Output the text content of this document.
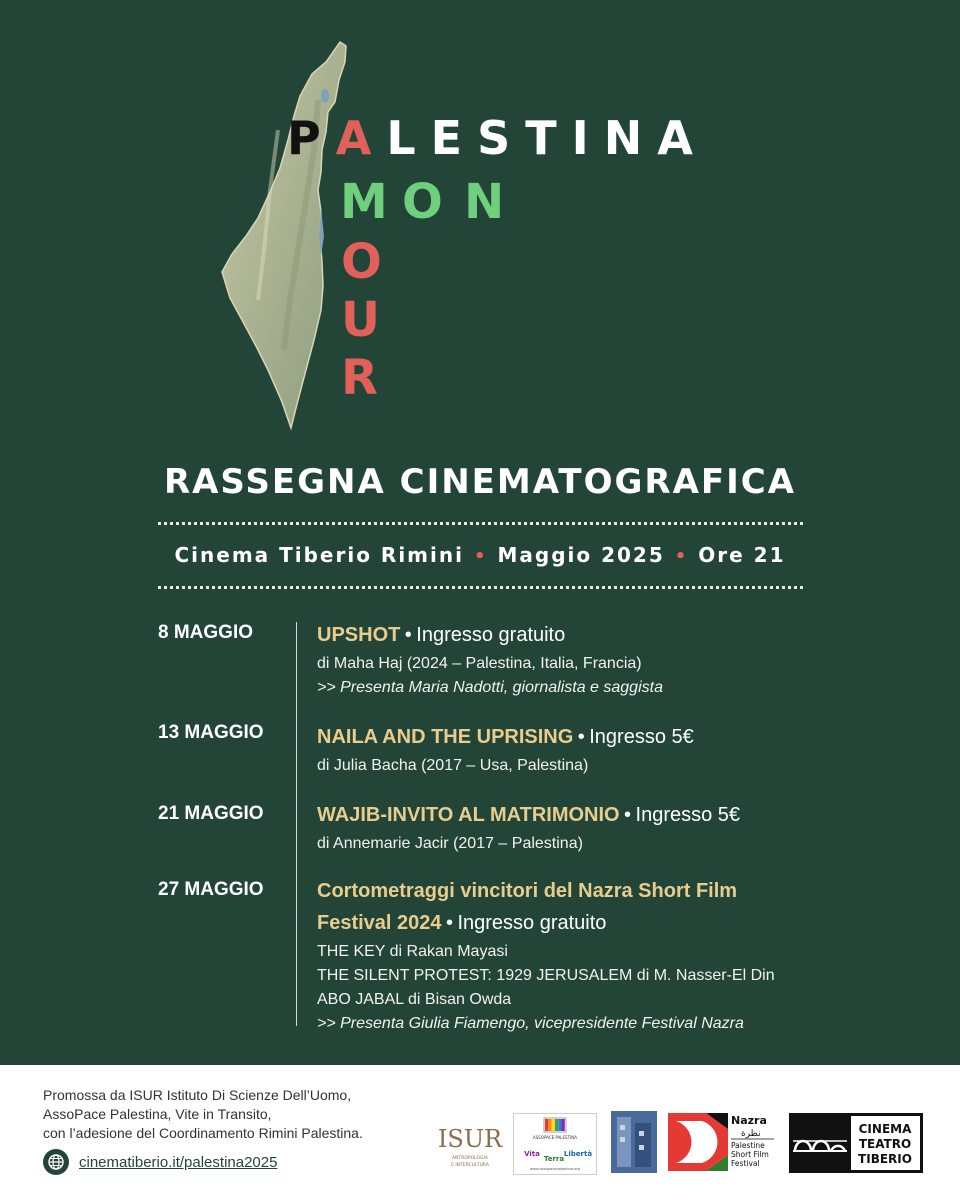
P A L E S T I N A
M O N
O
U
R
RASSEGNA CINEMATOGRAFICA
Cinema Tiberio Rimini • Maggio 2025 • Ore 21
8 MAGGIO	UPSHOT • Ingresso gratuito
di Maha Haj (2024 – Palestina, Italia, Francia)
>> Presenta Maria Nadotti, giornalista e saggista
13 MAGGIO	NAILA AND THE UPRISING • Ingresso 5€
di Julia Bacha (2017 – Usa, Palestina)
21 MAGGIO	WAJIB-INVITO AL MATRIMONIO • Ingresso 5€
di Annemarie Jacir (2017 – Palestina)
27 MAGGIO	Cortometraggi vincitori del Nazra Short Film
Festival 2024 • Ingresso gratuito
THE KEY di Rakan Mayasi
THE SILENT PROTEST: 1929 JERUSALEM di M. Nasser-El Din
ABO JABAL di Bisan Owda
>> Presenta Giulia Fiamengo, vicepresidente Festival Nazra
Promossa da ISUR Istituto Di Scienze Dell’Uomo,
AssoPace Palestina, Vite in Transito,
con l’adesione del Coordinamento Rimini Palestina.
cinematiberio.it/palestina2025
ISUR
ANTROPOLOGIA
E INTERCULTURA
ASSOPACE PALESTINA
Vita
Terra
Libertà
www.assopacepalestina.org
Nazra
نظرة
Palestine
Short Film
Festival
CINEMA
TEATRO
TIBERIO
